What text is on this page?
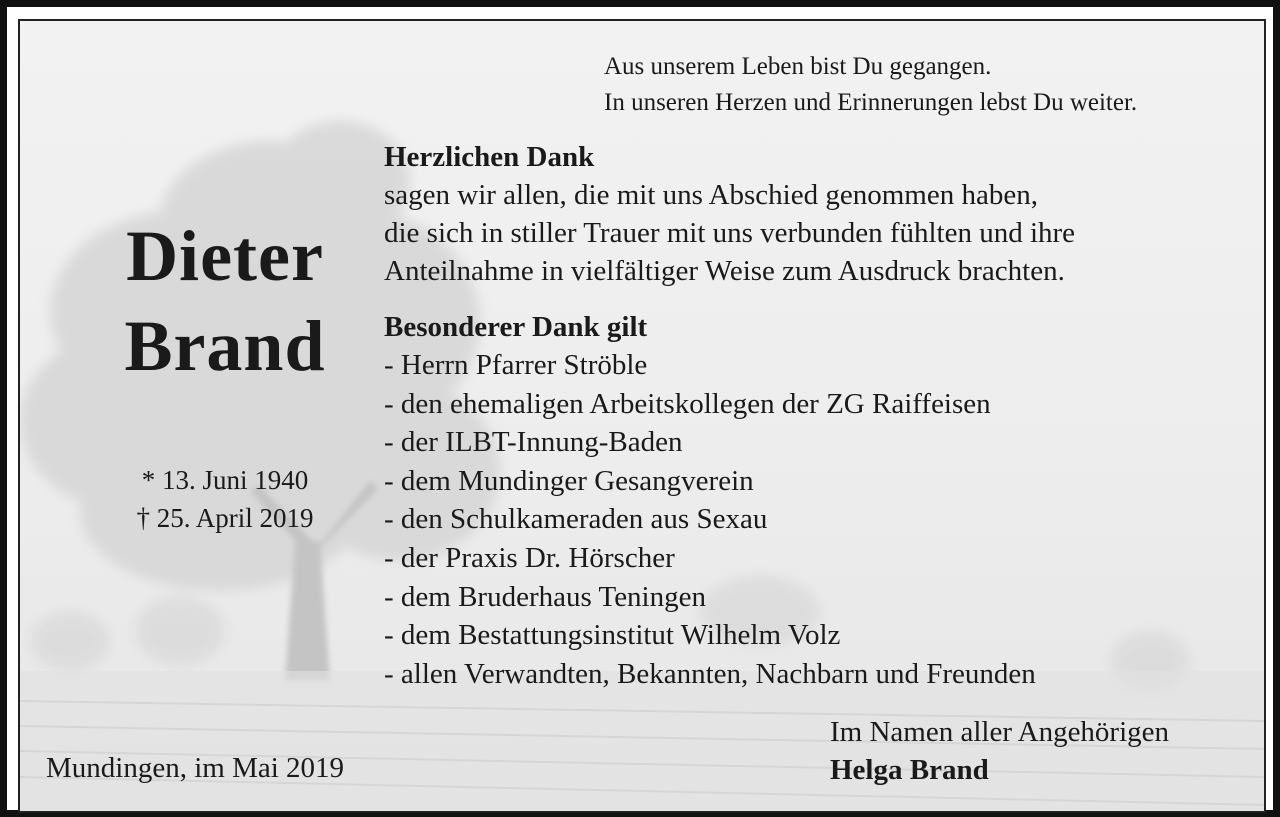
Aus unserem Leben bist Du gegangen.
In unseren Herzen und Erinnerungen lebst Du weiter.
Dieter
Brand
* 13. Juni 1940
† 25. April 2019
Herzlichen Dank
sagen wir allen, die mit uns Abschied genommen haben,
die sich in stiller Trauer mit uns verbunden fühlten und ihre
Anteilnahme in vielfältiger Weise zum Ausdruck brachten.
Besonderer Dank gilt
- Herrn Pfarrer Ströble
- den ehemaligen Arbeitskollegen der ZG Raiffeisen
- der ILBT-Innung-Baden
- dem Mundinger Gesangverein
- den Schulkameraden aus Sexau
- der Praxis Dr. Hörscher
- dem Bruderhaus Teningen
- dem Bestattungsinstitut Wilhelm Volz
- allen Verwandten, Bekannten, Nachbarn und Freunden
Mundingen, im Mai 2019
Im Namen aller Angehörigen
Helga Brand
